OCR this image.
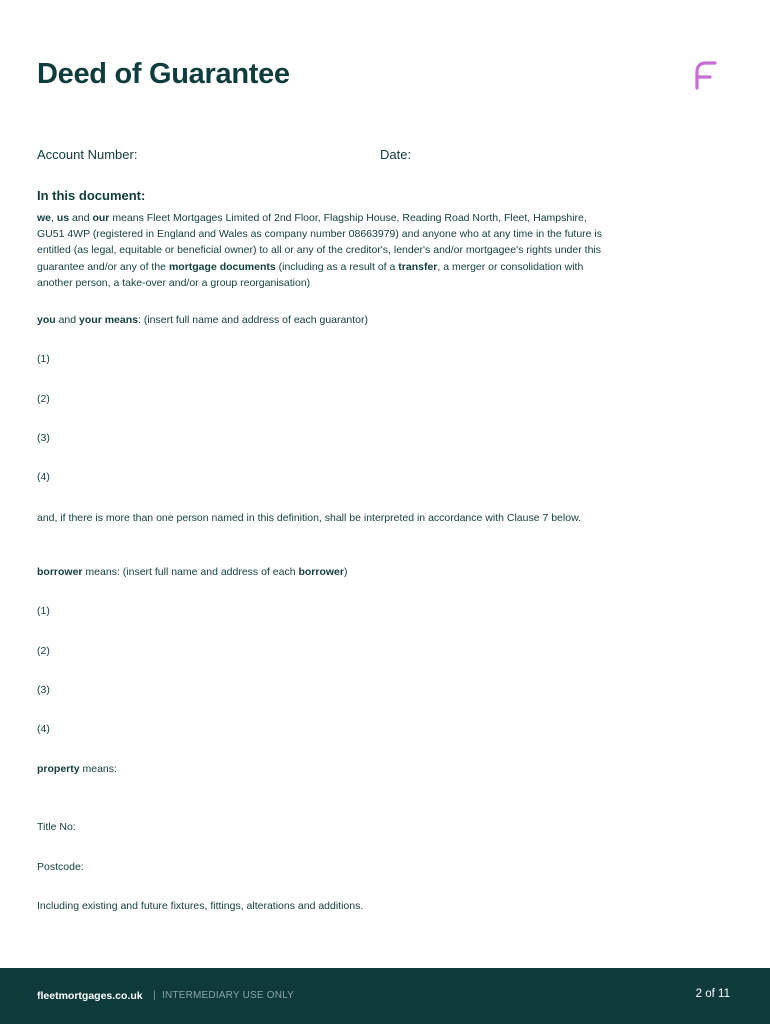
Deed of Guarantee
Account Number:	Date:
In this document:
we, us and our means Fleet Mortgages Limited of 2nd Floor, Flagship House, Reading Road North, Fleet, Hampshire, GU51 4WP (registered in England and Wales as company number 08663979) and anyone who at any time in the future is entitled (as legal, equitable or beneficial owner) to all or any of the creditor's, lender's and/or mortgagee's rights under this guarantee and/or any of the mortgage documents (including as a result of a transfer, a merger or consolidation with another person, a take-over and/or a group reorganisation)
you and your means: (insert full name and address of each guarantor)
(1)
(2)
(3)
(4)
and, if there is more than one person named in this definition, shall be interpreted in accordance with Clause 7 below.
borrower means: (insert full name and address of each borrower)
(1)
(2)
(3)
(4)
property means:
Title No:
Postcode:
Including existing and future fixtures, fittings, alterations and additions.
fleetmortgages.co.uk | INTERMEDIARY USE ONLY	2 of 11
